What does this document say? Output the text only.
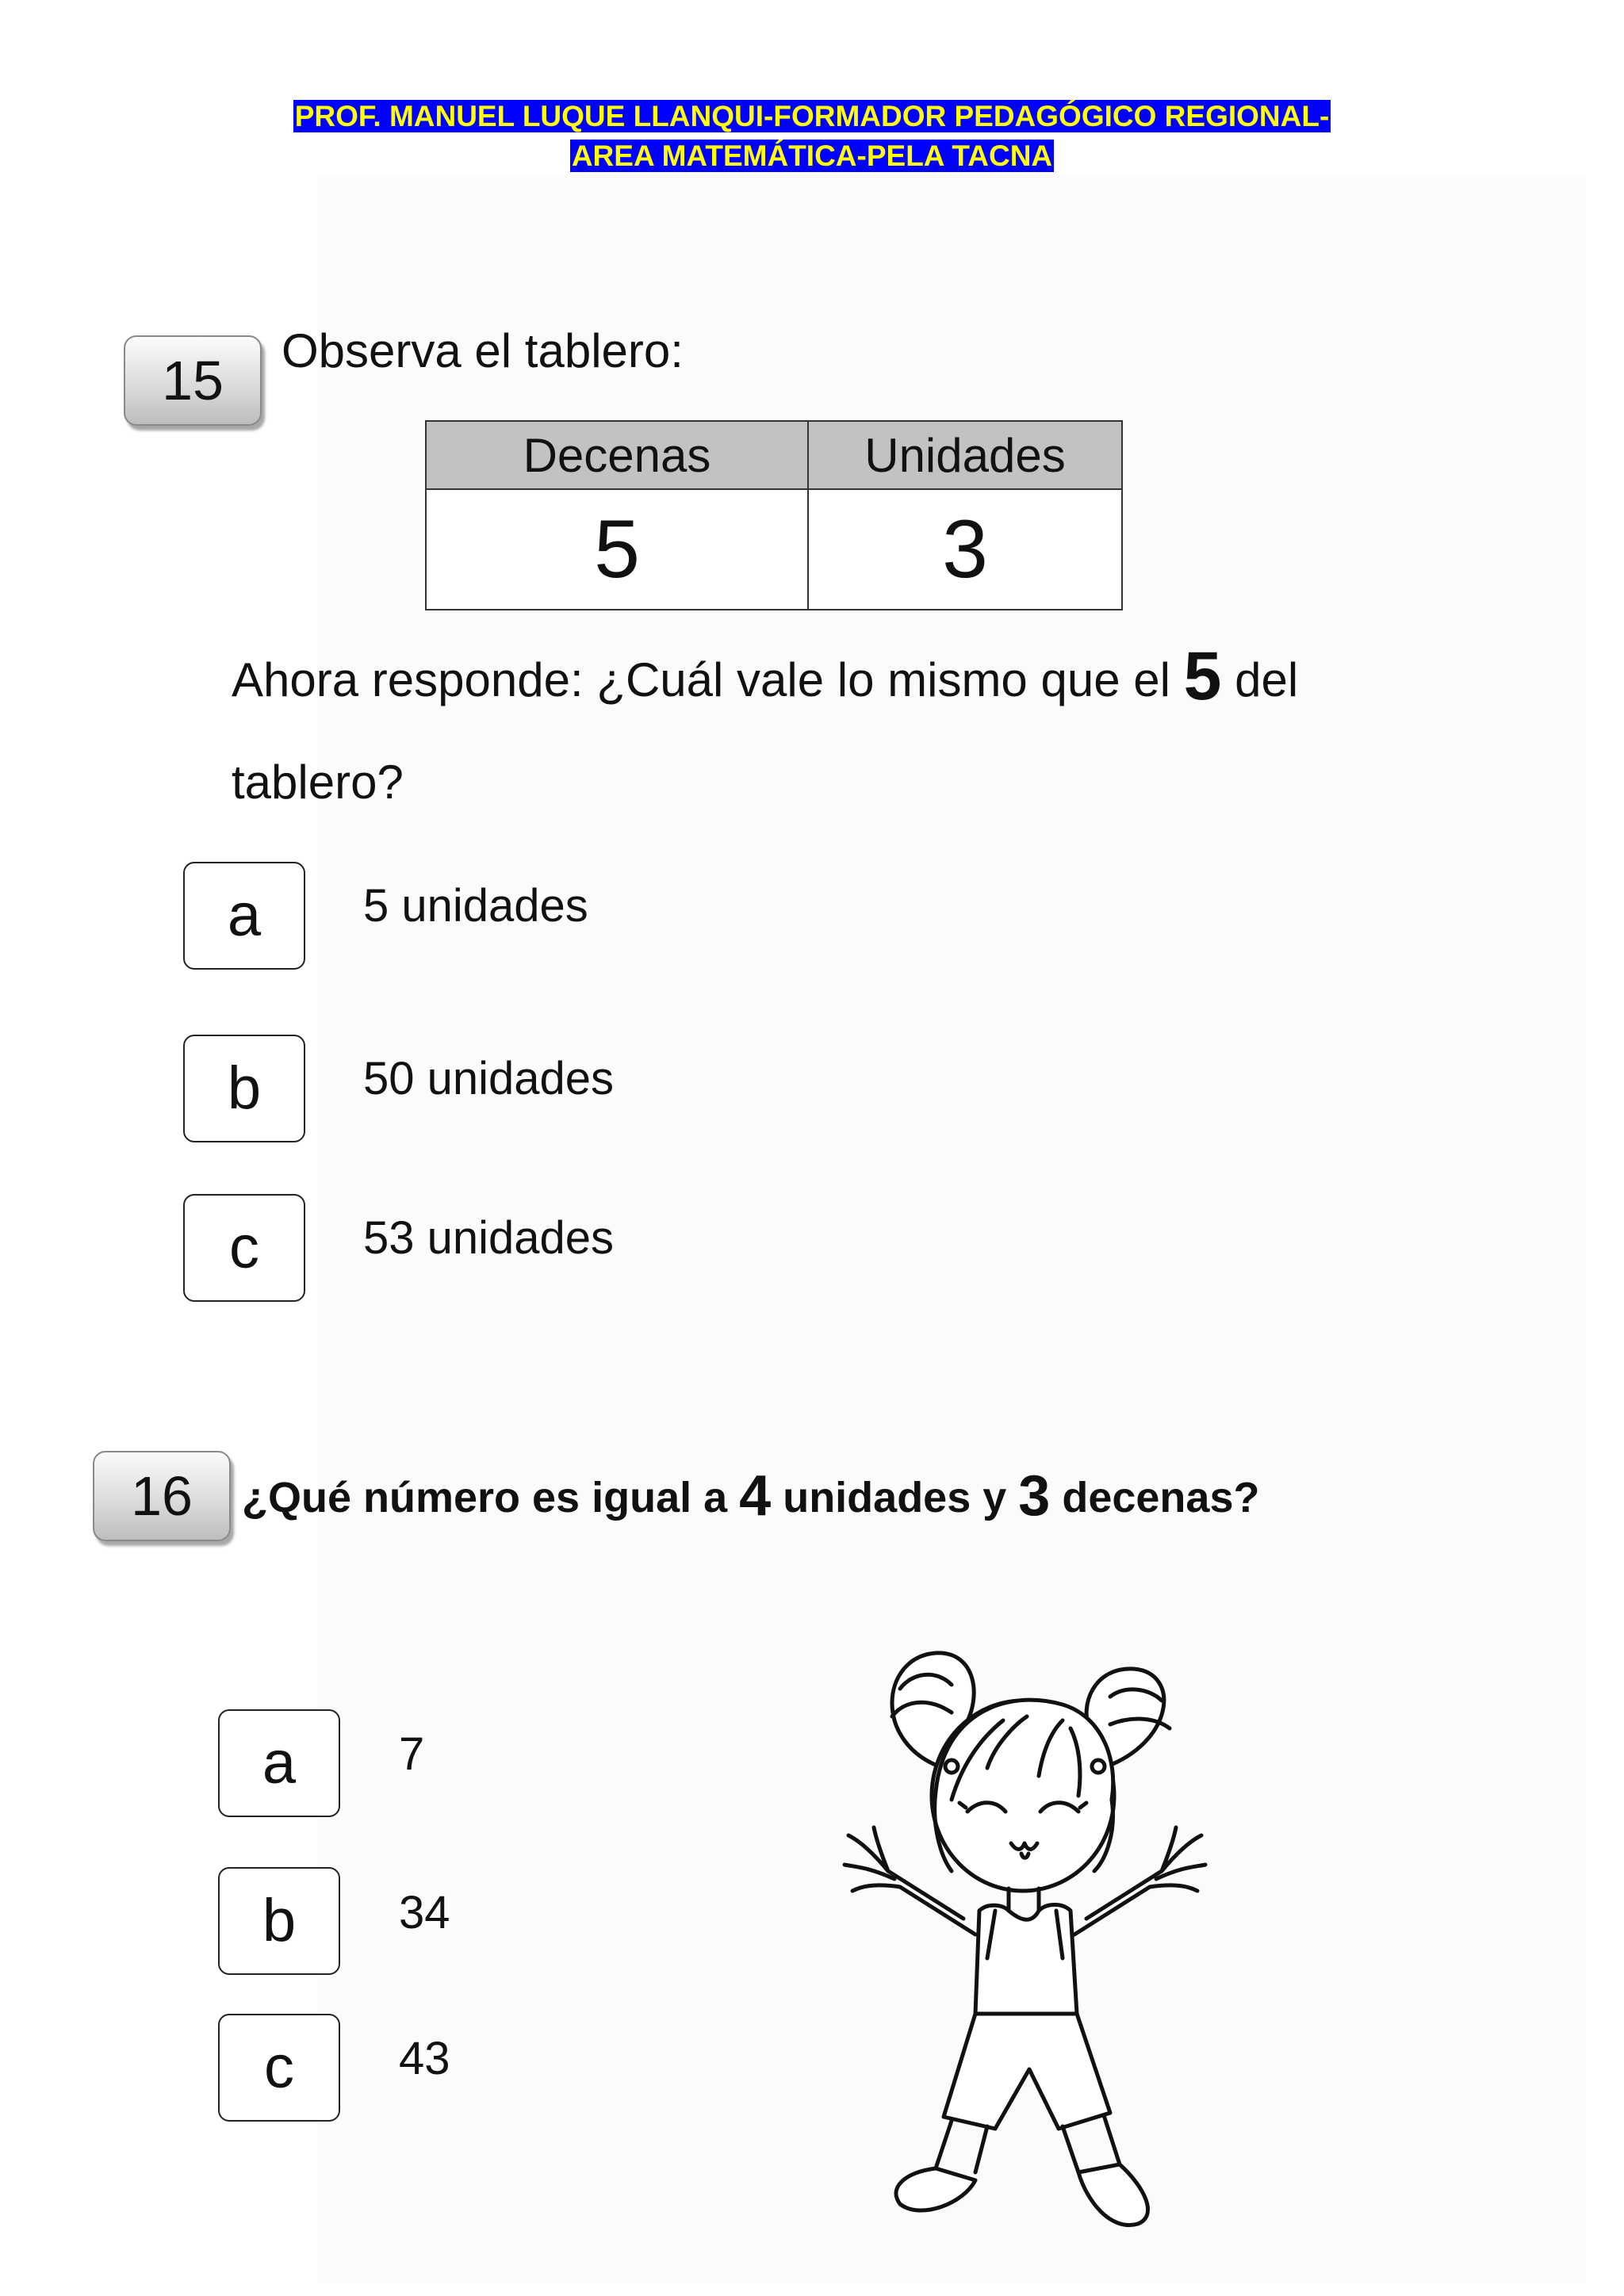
PROF. MANUEL LUQUE LLANQUI-FORMADOR PEDAGÓGICO REGIONAL-
AREA MATEMÁTICA-PELA TACNA
15	Observa el tablero:
Decenas	Unidades
5	3
Ahora responde: ¿Cuál vale lo mismo que el 5 del
tablero?
a	5 unidades
b	50 unidades
c	53 unidades
16	¿Qué número es igual a 4 unidades y 3 decenas?
a	7
b	34
c	43
